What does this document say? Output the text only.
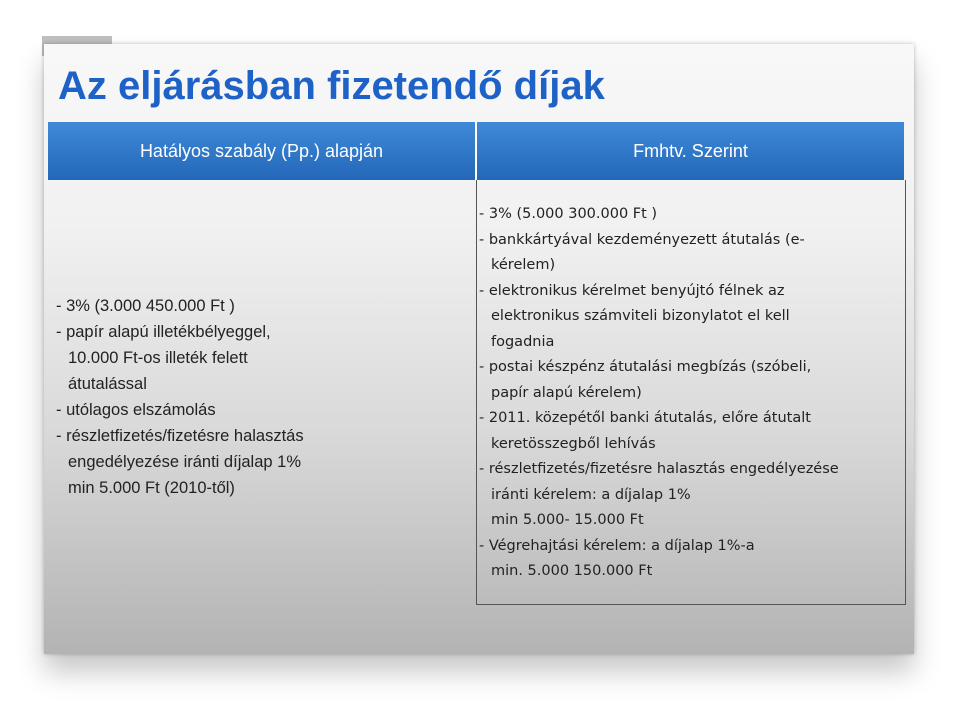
Az eljárásban fizetendő díjak
Hatályos szabály (Pp.) alapján	Fmhtv. Szerint
- 3% (3.000 450.000 Ft )
- papír alapú illetékbélyeggel,
10.000 Ft-os illeték felett
átutalással
- utólagos elszámolás
- részletfizetés/fizetésre halasztás
engedélyezése iránti díjalap 1%
min 5.000 Ft (2010-től)
- 3% (5.000 300.000 Ft )
- bankkártyával kezdeményezett átutalás (e-
kérelem)
- elektronikus kérelmet benyújtó félnek az
elektronikus számviteli bizonylatot el kell
fogadnia
- postai készpénz átutalási megbízás (szóbeli,
papír alapú kérelem)
- 2011. közepétől banki átutalás, előre átutalt
keretösszegből lehívás
- részletfizetés/fizetésre halasztás engedélyezése
iránti kérelem: a díjalap 1%
min 5.000- 15.000 Ft
- Végrehajtási kérelem: a díjalap 1%-a
min. 5.000 150.000 Ft
